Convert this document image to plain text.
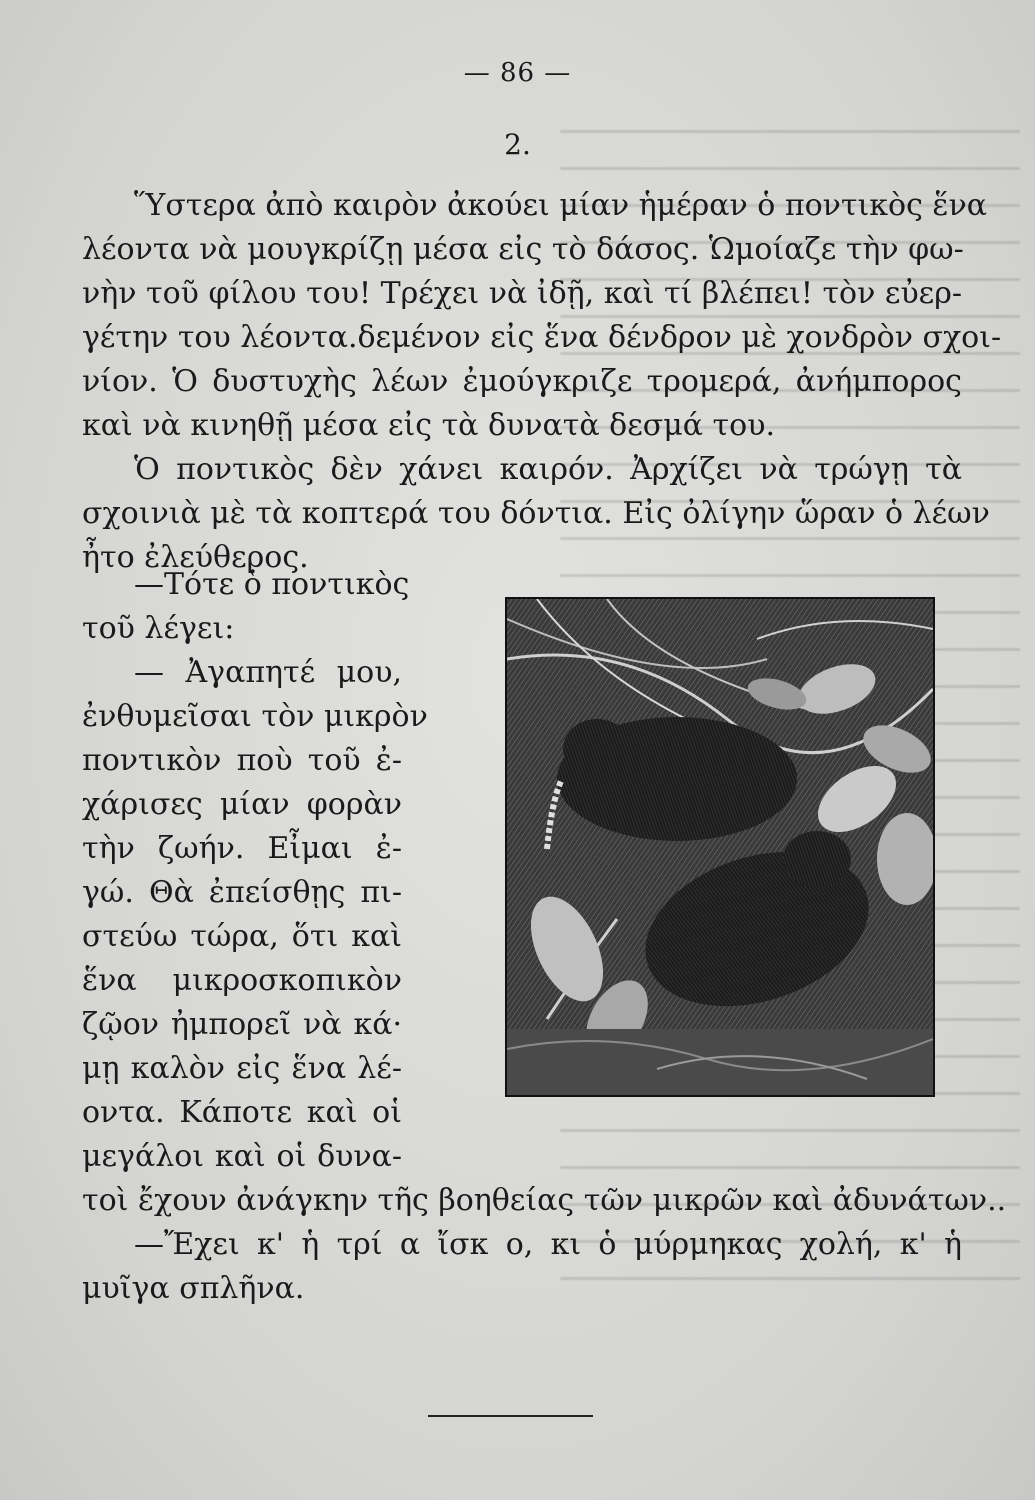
— 86 —
2.

Ὕστερα ἀπὸ καιρὸν ἀκούει μίαν ἡμέραν ὁ ποντικὸς ἕνα

λέοντα νὰ μουγκρίζῃ μέσα εἰς τὸ δάσος. Ὡμοίαζε τὴν φω-

νὴν τοῦ φίλου του! Τρέχει νὰ ἰδῇ, καὶ τί βλέπει! τὸν εὐερ-

γέτην του λέοντα.δεμένον εἰς ἕνα δένδρον μὲ χονδρὸν σχοι-

νίον. Ὁ δυστυχὴς λέων ἐμούγκριζε τρομερά, ἀνήμπορος

καὶ νὰ κινηθῇ μέσα εἰς τὰ δυνατὰ δεσμά του.

Ὁ ποντικὸς δὲν χάνει καιρόν. Ἀρχίζει νὰ τρώγῃ τὰ

σχοινιὰ μὲ τὰ κοπτερά του δόντια. Εἰς ὀλίγην ὥραν ὁ λέων

ἦτο ἐλεύθερος.

—Τότε ὁ ποντικὸς

τοῦ λέγει:

— Ἀγαπητέ μου,

ἐνθυμεῖσαι τὸν μικρὸν

ποντικὸν ποὺ τοῦ ἐ-

χάρισες μίαν φορὰν

τὴν ζωήν. Εἶμαι ἐ-

γώ. Θὰ ἐπείσθῃς πι-

στεύω τώρα, ὅτι καὶ

ἕνα μικροσκοπικὸν

ζῷον ἠμπορεῖ νὰ κά·

μῃ καλὸν εἰς ἕνα λέ-

οντα. Κάποτε καὶ οἱ

μεγάλοι καὶ οἱ δυνα-

τοὶ ἔχουν ἀνάγκην τῆς βοηθείας τῶν μικρῶν καὶ ἀδυνάτων..

—Ἔχει κ' ἡ τρί α ἴσκ ο, κι ὁ μύρμηκας χολή, κ' ἡ

μυῖγα σπλῆνα.
